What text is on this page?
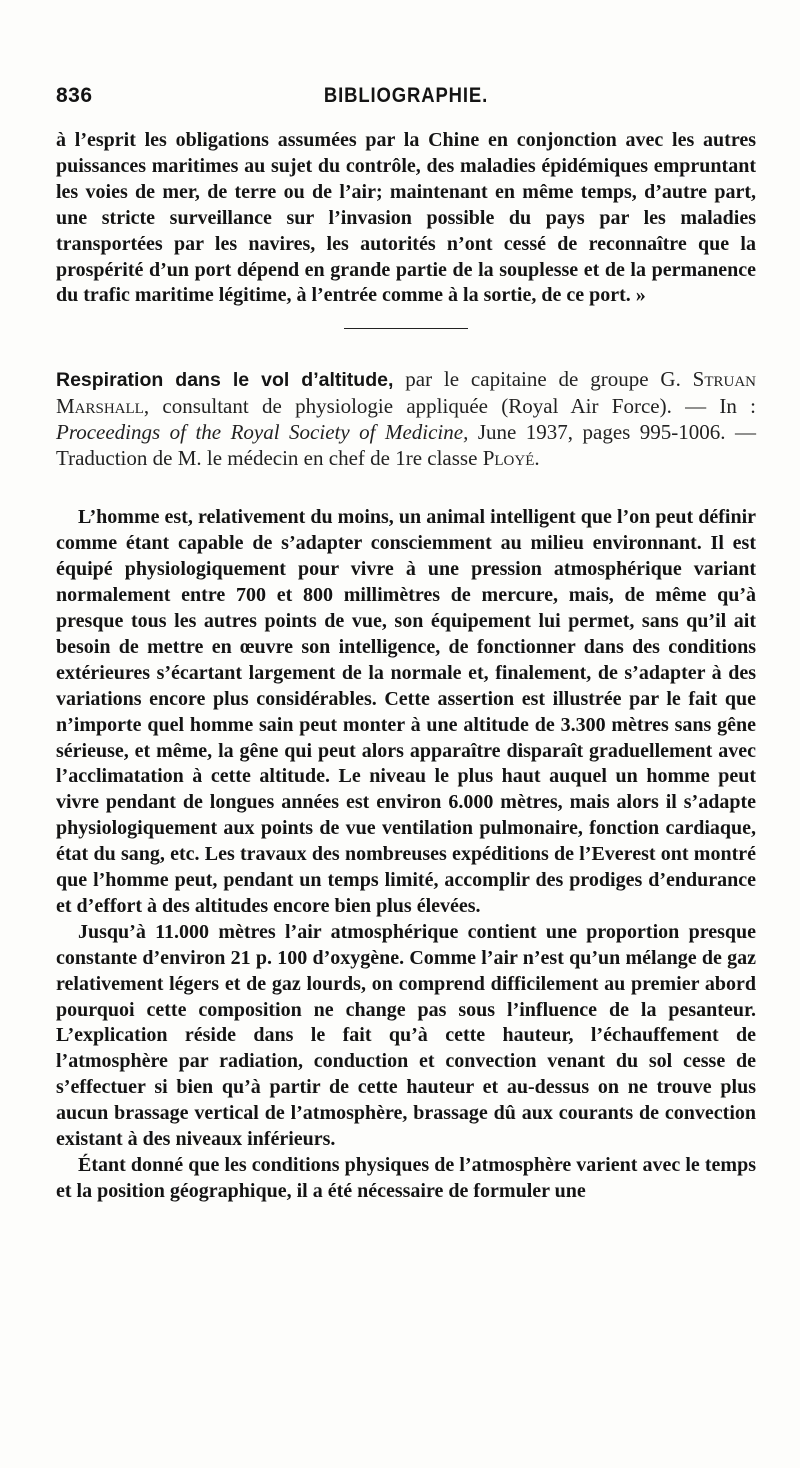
836	BIBLIOGRAPHIE.

à l’esprit les obligations assumées par la Chine en conjonction avec les autres puissances maritimes au sujet du contrôle, des maladies épidémiques empruntant les voies de mer, de terre ou de l’air; maintenant en même temps, d’autre part, une stricte surveillance sur l’invasion possible du pays par les maladies transportées par les navires, les autorités n’ont cessé de reconnaître que la prospérité d’un port dépend en grande partie de la souplesse et de la permanence du trafic maritime légitime, à l’entrée comme à la sortie, de ce port. »

Respiration dans le vol d’altitude, par le capitaine de groupe G. Struan Marshall, consultant de physiologie appliquée (Royal Air Force). — In : Proceedings of the Royal Society of Medicine, June 1937, pages 995-1006. — Traduction de M. le médecin en chef de 1re classe Ployé.

L’homme est, relativement du moins, un animal intelligent que l’on peut définir comme étant capable de s’adapter consciemment au milieu environnant. Il est équipé physiologiquement pour vivre à une pression atmosphérique variant normalement entre 700 et 800 millimètres de mercure, mais, de même qu’à presque tous les autres points de vue, son équipement lui permet, sans qu’il ait besoin de mettre en œuvre son intelligence, de fonctionner dans des conditions extérieures s’écartant largement de la normale et, finalement, de s’adapter à des variations encore plus considérables. Cette assertion est illustrée par le fait que n’importe quel homme sain peut monter à une altitude de 3.300 mètres sans gêne sérieuse, et même, la gêne qui peut alors apparaître disparaît graduellement avec l’acclimatation à cette altitude. Le niveau le plus haut auquel un homme peut vivre pendant de longues années est environ 6.000 mètres, mais alors il s’adapte physiologiquement aux points de vue ventilation pulmonaire, fonction cardiaque, état du sang, etc. Les travaux des nombreuses expéditions de l’Everest ont montré que l’homme peut, pendant un temps limité, accomplir des prodiges d’endurance et d’effort à des altitudes encore bien plus élevées.

Jusqu’à 11.000 mètres l’air atmosphérique contient une proportion presque constante d’environ 21 p. 100 d’oxygène. Comme l’air n’est qu’un mélange de gaz relativement légers et de gaz lourds, on comprend difficilement au premier abord pourquoi cette composition ne change pas sous l’influence de la pesanteur. L’explication réside dans le fait qu’à cette hauteur, l’échauffement de l’atmosphère par radiation, conduction et convection venant du sol cesse de s’effectuer si bien qu’à partir de cette hauteur et au-dessus on ne trouve plus aucun brassage vertical de l’atmosphère, brassage dû aux courants de convection existant à des niveaux inférieurs.

Étant donné que les conditions physiques de l’atmosphère varient avec le temps et la position géographique, il a été nécessaire de formuler une
